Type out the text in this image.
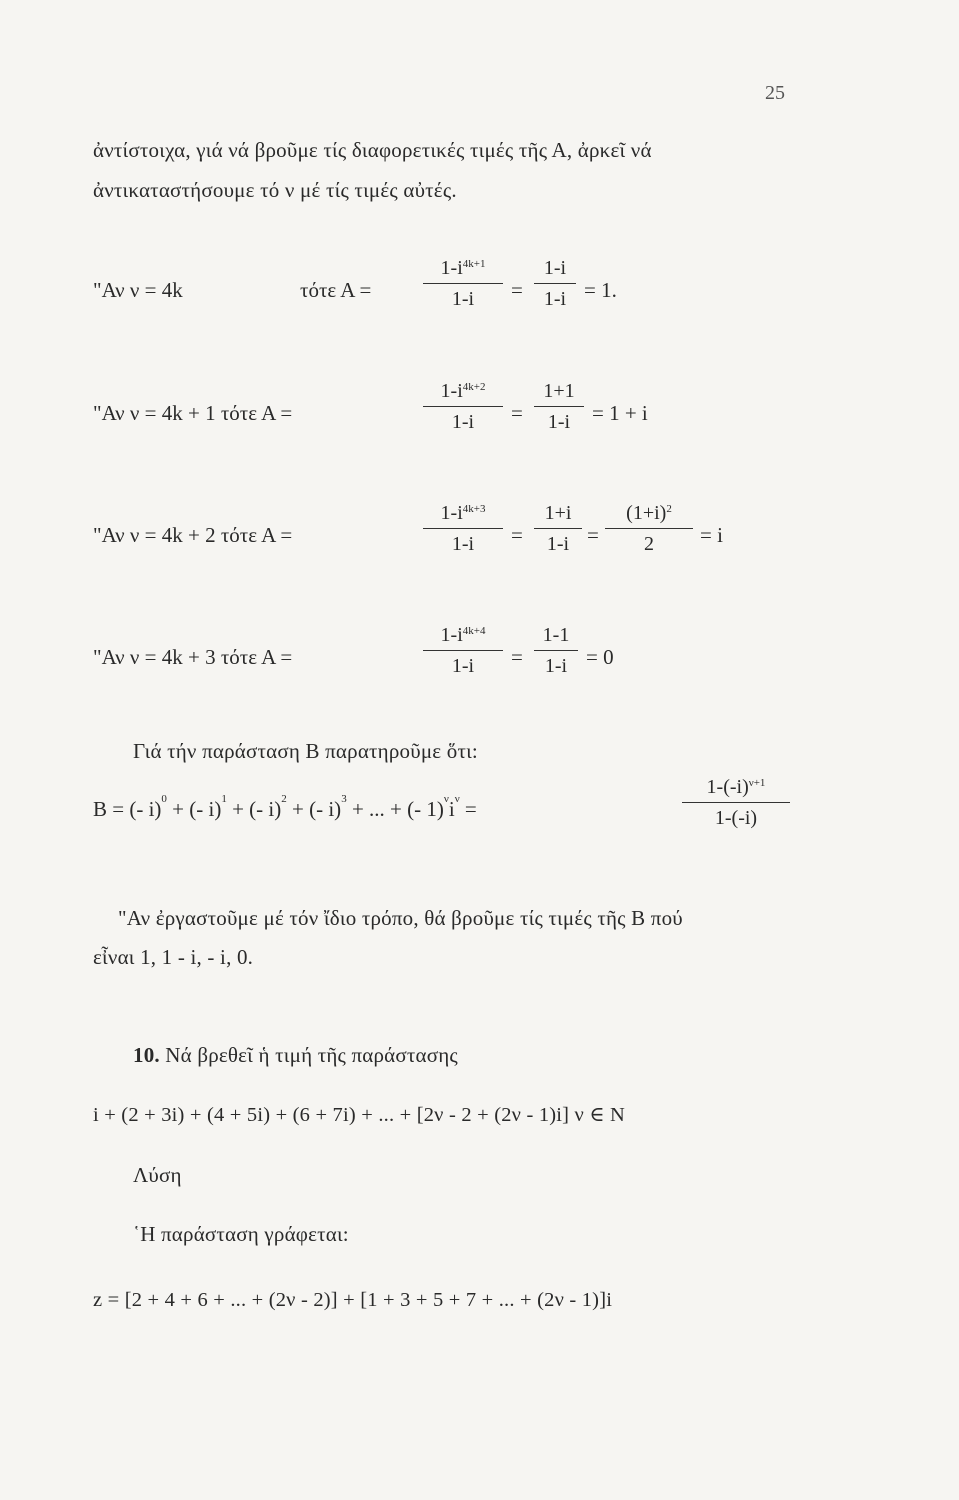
25
ἀντίστοιχα, γιά νά βροῦμε τίς διαφορετικές τιμές τῆς Α, ἀρκεῖ νά
ἀντικαταστήσουμε τό ν μέ τίς τιμές αὐτές.
"Αν ν = 4k	τότε Α =
$1-i^{4k+1}$
1-i	=
1-i
1-i = 1.
"Αν ν = 4k + 1 τότε Α =
$1-i^{4k+2}$
1-i	=
1+1
1-i	= 1 + i
"Αν ν = 4k + 2 τότε Α =
$1-i^{4k+3}$
1-i	=
1+i
1-i =
$(1+i)^2$
2	= i
"Αν ν = 4k + 3 τότε Α =
$1-i^{4k+4}$
1-i	=
1-1
1-i = 0
Γιά τήν παράσταση Β παρατηροῦμε ὅτι:
B = (- i)$^0$ + (- i)$^1$ + (- i)$^2$ + (- i)$^3$ + ... + (- $1)^\nu i^\nu$ =
$1-(-i)^{\nu+1}$
1-(-i)
"Αν ἐργαστοῦμε μέ τόν ἴδιο τρόπο, θά βροῦμε τίς τιμές τῆς Β πού
εἶναι 1, 1 - i, - i, 0.
10. Νά βρεθεῖ ἡ τιμή τῆς παράστασης
i + (2 + 3i) + (4 + 5i) + (6 + 7i) + ... + [2ν - 2 + (2ν - 1)i] ν ∈ N
Λύση
῾Η παράσταση γράφεται:
z = [2 + 4 + 6 + ... + (2ν - 2)] + [1 + 3 + 5 + 7 + ... + (2ν - 1)]i
